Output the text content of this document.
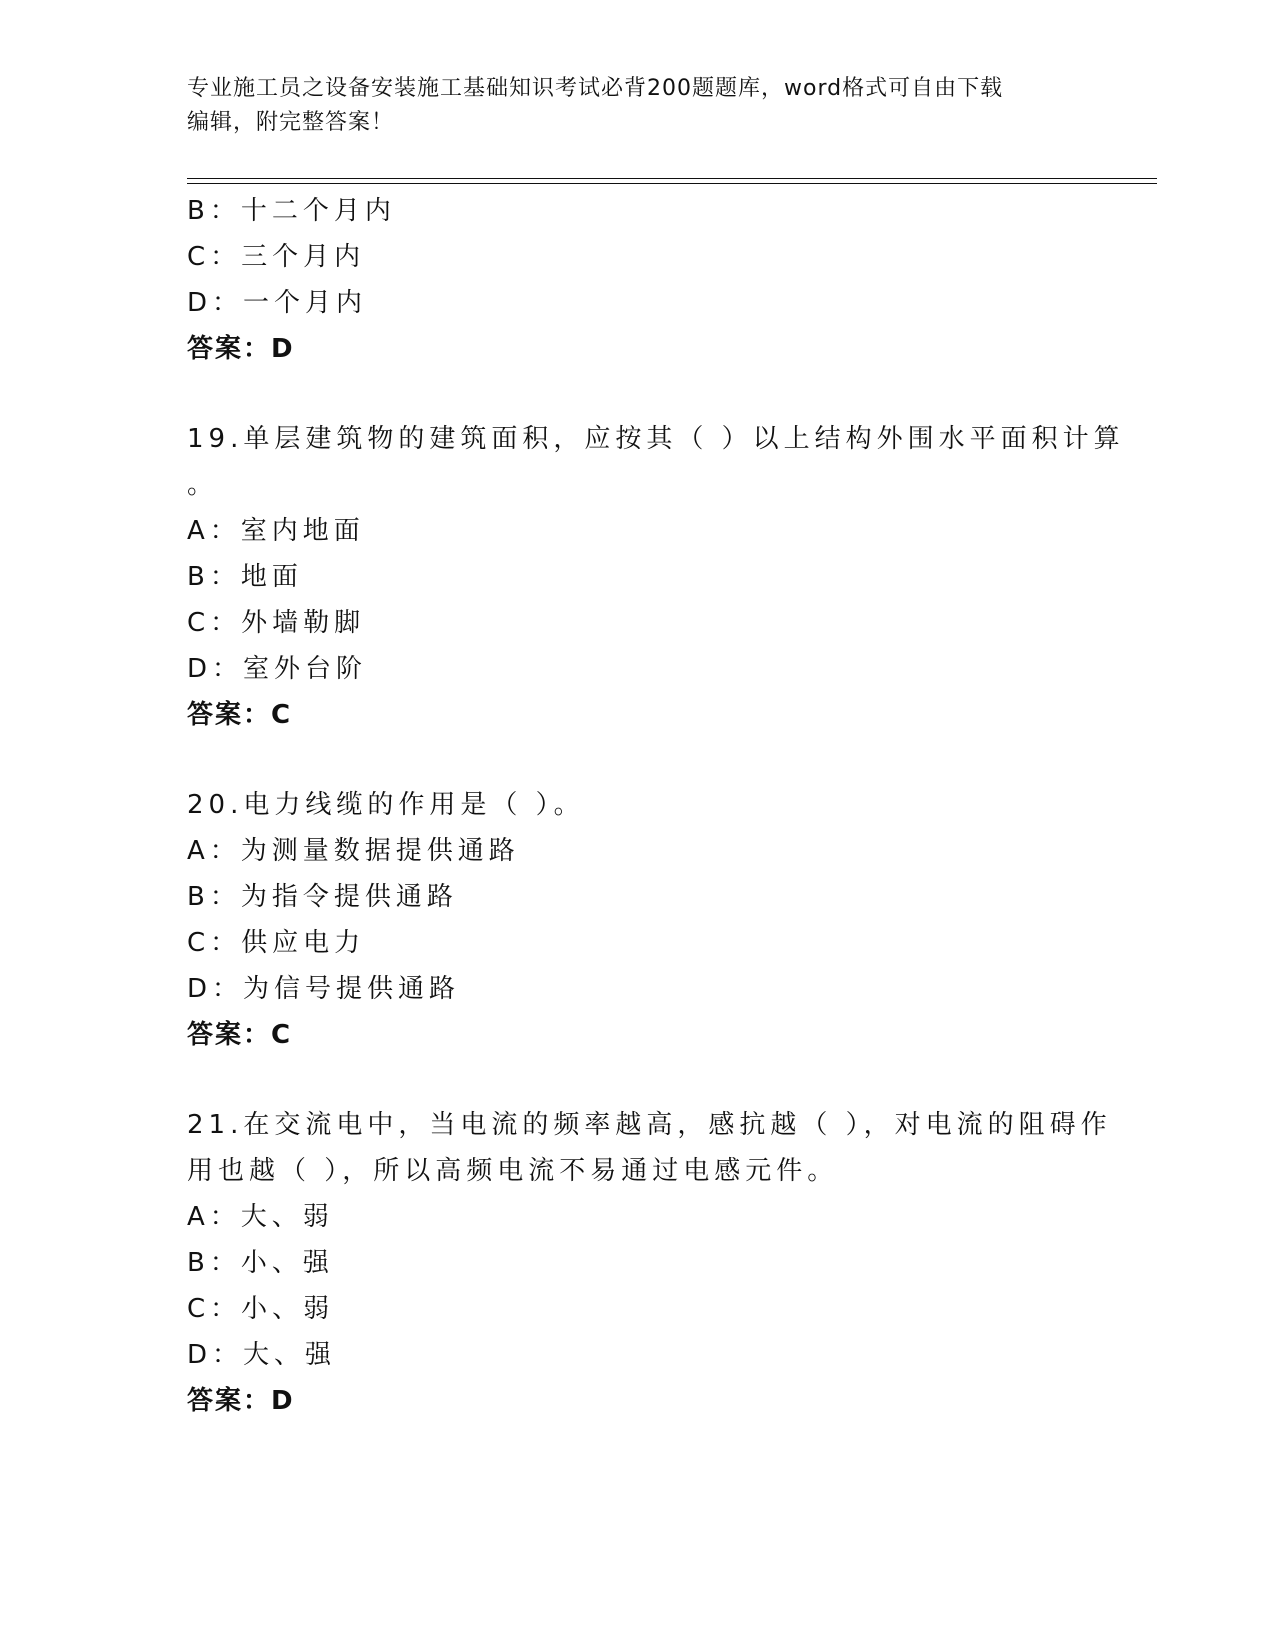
专业施工员之设备安装施工基础知识考试必背200题题库，word格式可自由下载
编辑，附完整答案！
B：十二个月内
C：三个月内
D：一个月内
答案：D
19.单层建筑物的建筑面积，应按其（ ）以上结构外围水平面积计算
。
A：室内地面
B：地面
C：外墙勒脚
D：室外台阶
答案：C
20.电力线缆的作用是（ ）。
A：为测量数据提供通路
B：为指令提供通路
C：供应电力
D：为信号提供通路
答案：C
21.在交流电中，当电流的频率越高，感抗越（ ），对电流的阻碍作
用也越（ ），所以高频电流不易通过电感元件。
A：大、弱
B：小、强
C：小、弱
D：大、强
答案：D
